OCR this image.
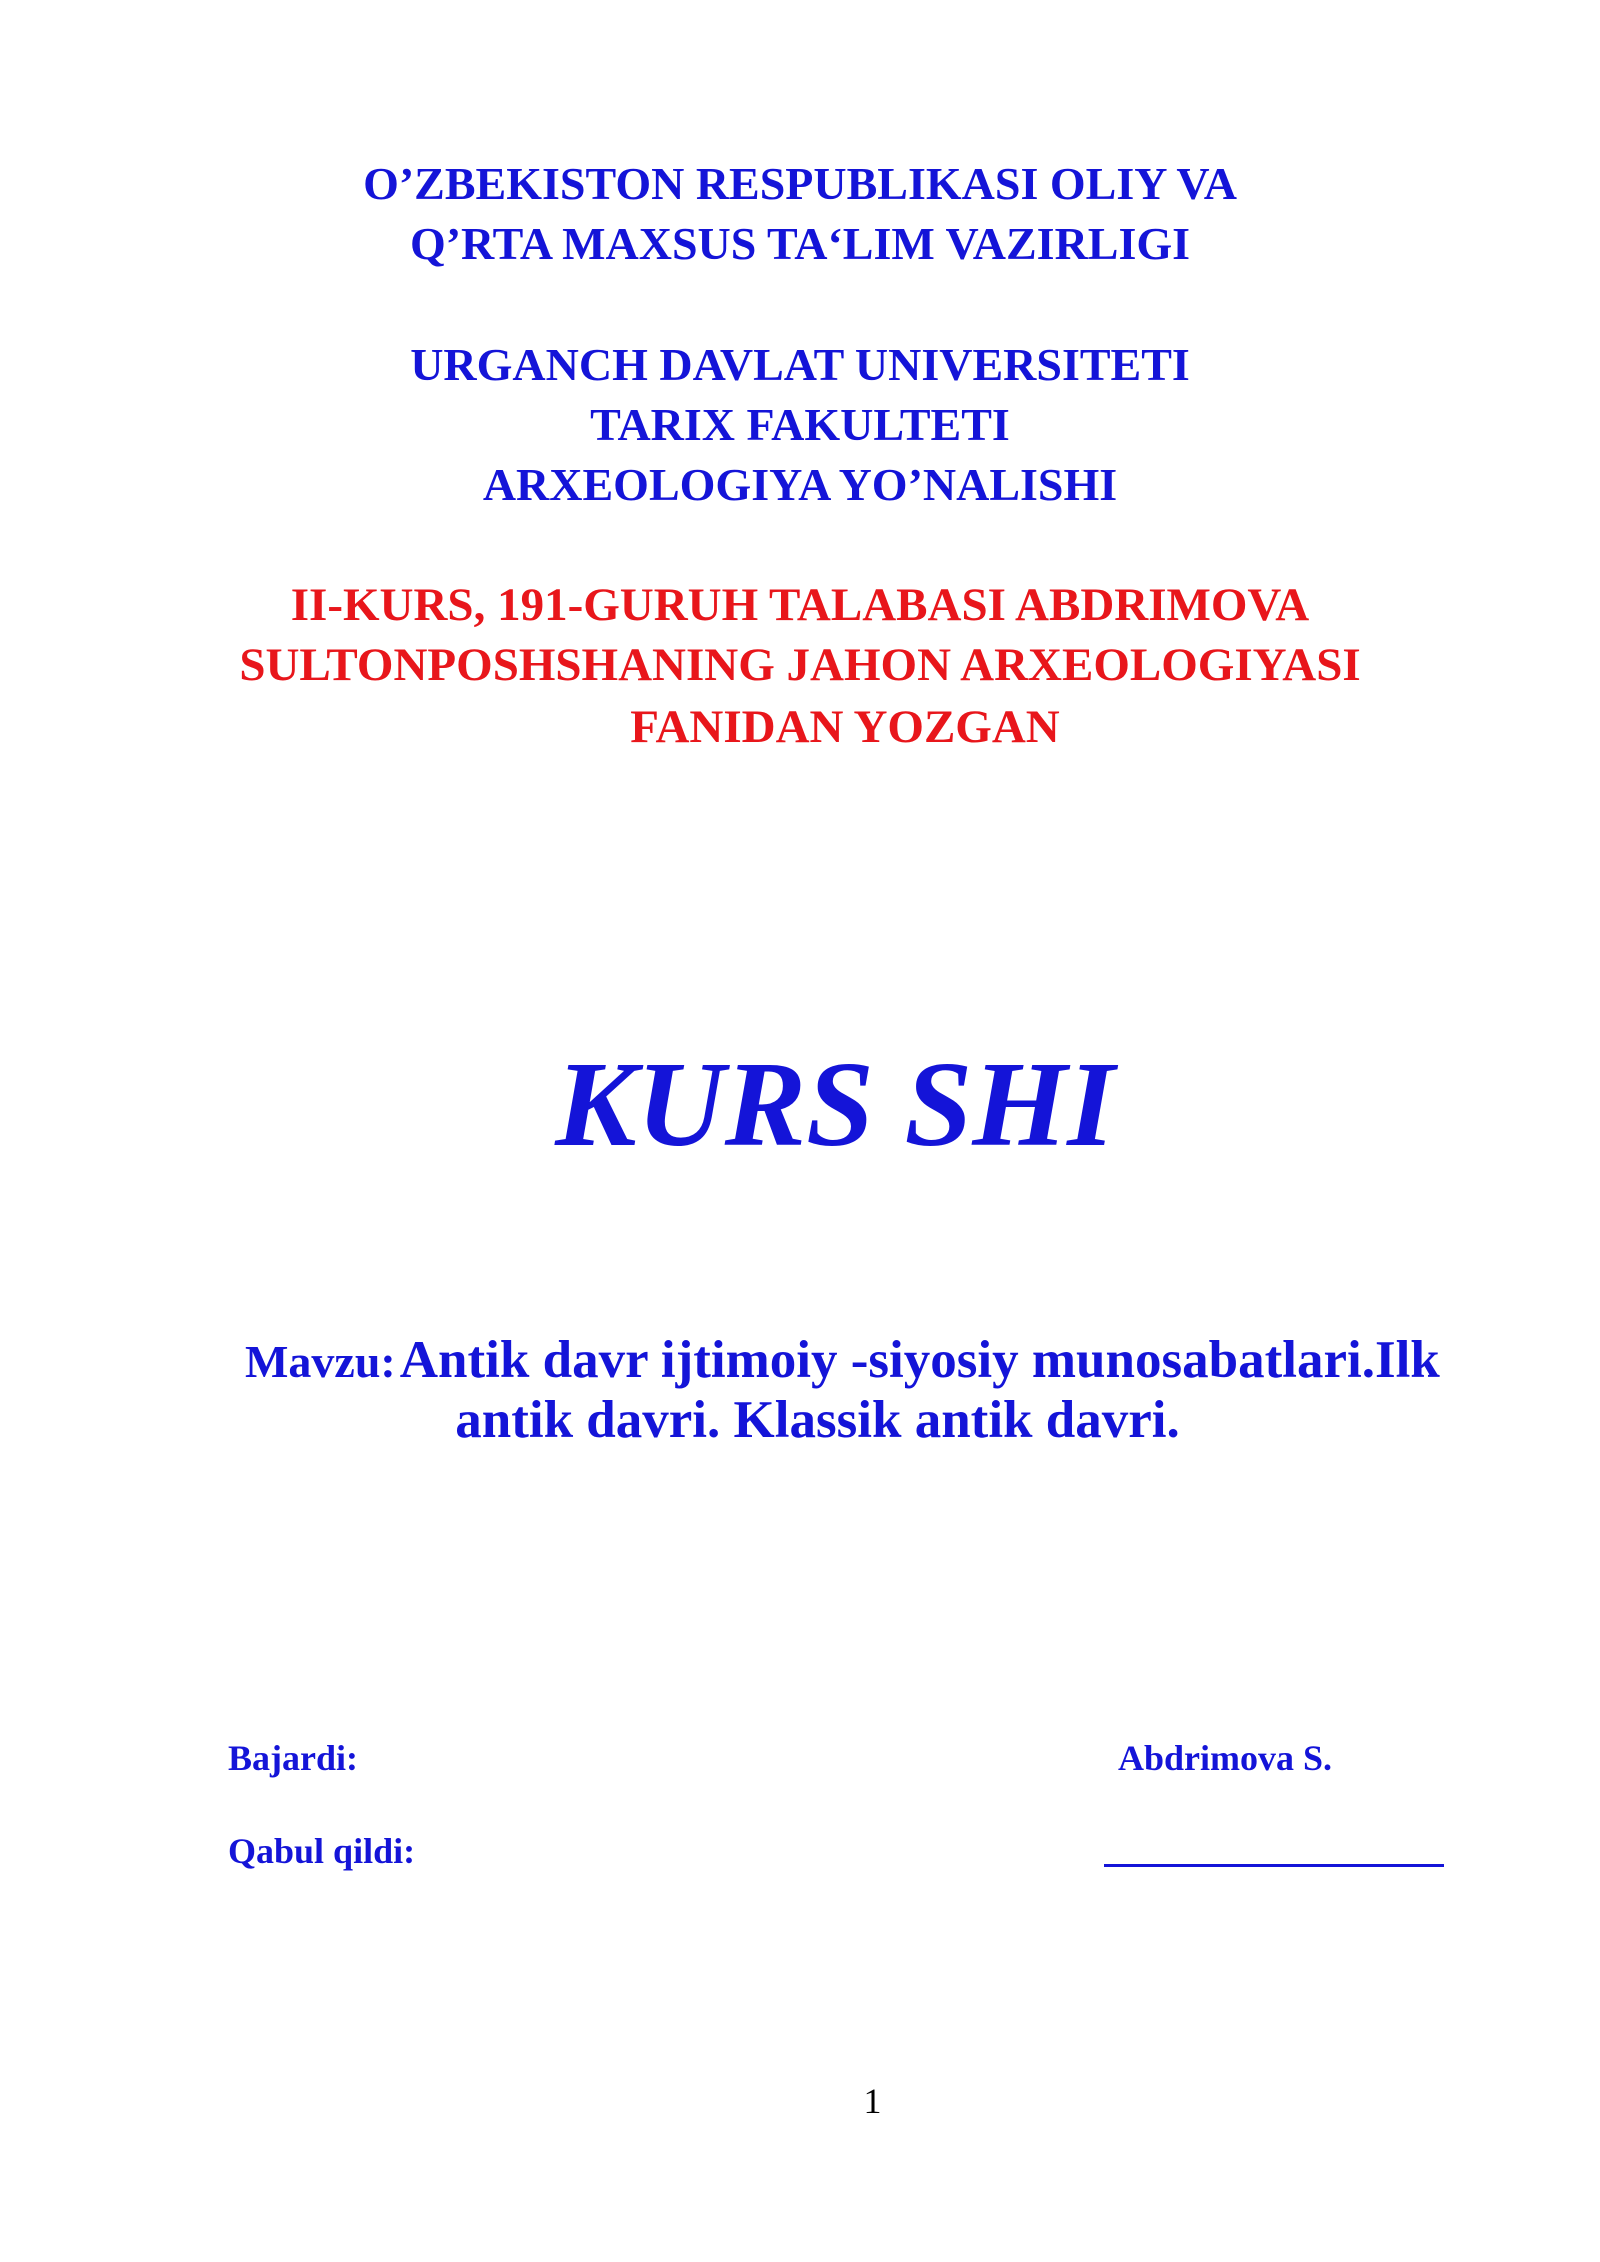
O’ZBEKISTON RESPUBLIKASI OLIY VA
Q’RTA MAXSUS TA‘LIM VAZIRLIGI
URGANCH DAVLAT UNIVERSITETI
TARIX FAKULTETI
ARXEOLOGIYA YO’NALISHI
II-KURS, 191-GURUH TALABASI ABDRIMOVA
SULTONPOSHSHANING JAHON ARXEOLOGIYASI
FANIDAN YOZGAN
KURS SHI
Mavzu: Antik davr ijtimoiy -siyosiy munosabatlari.Ilk
antik davri. Klassik antik davri.
Bajardi:	Abdrimova S.
Qabul qildi:
1
